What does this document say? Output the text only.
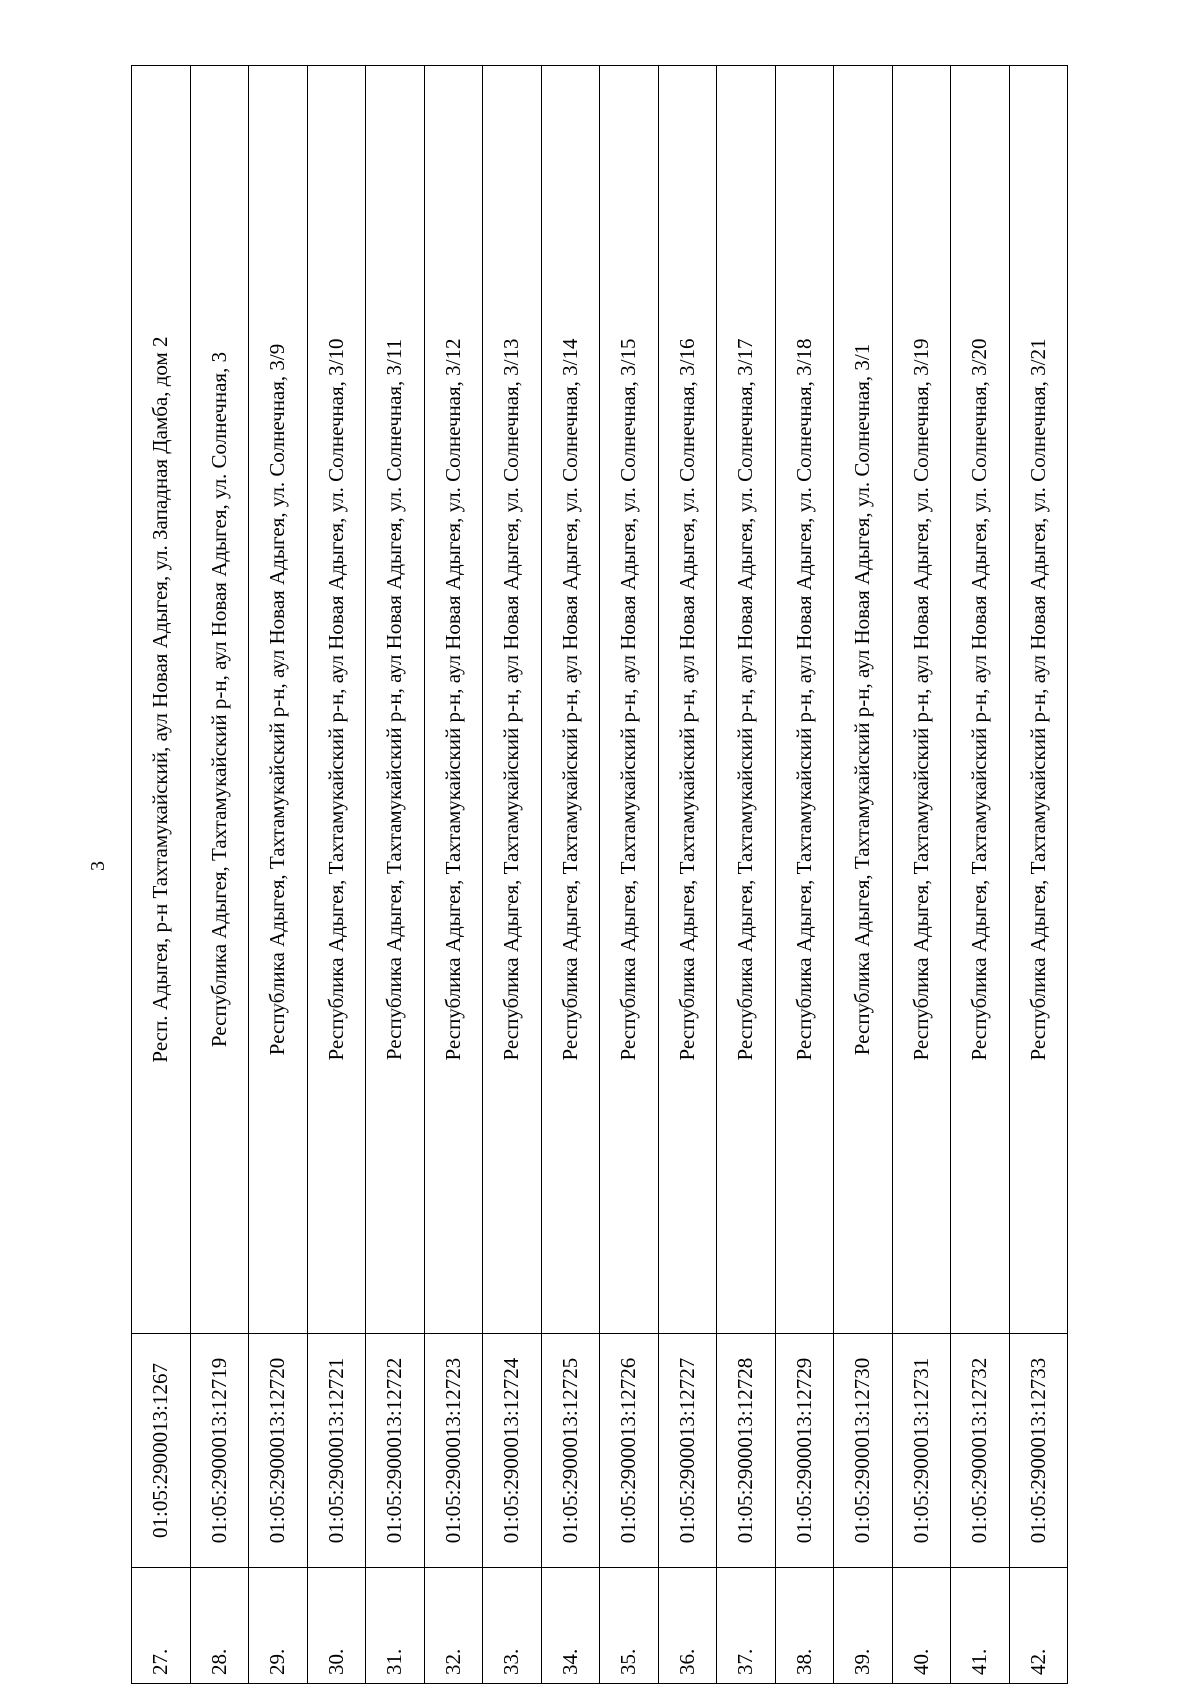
3
27.	01:05:2900013:1267	Респ. Адыгея, р-н Тахтамукайский, аул Новая Адыгея, ул. Западная Дамба, дом 2
28.	01:05:2900013:12719	Республика Адыгея, Тахтамукайский р-н, аул Новая Адыгея, ул. Солнечная, 3
29.	01:05:2900013:12720	Республика Адыгея, Тахтамукайский р-н, аул Новая Адыгея, ул. Солнечная, 3/9
30.	01:05:2900013:12721	Республика Адыгея, Тахтамукайский р-н, аул Новая Адыгея, ул. Солнечная, 3/10
31.	01:05:2900013:12722	Республика Адыгея, Тахтамукайский р-н, аул Новая Адыгея, ул. Солнечная, 3/11
32.	01:05:2900013:12723	Республика Адыгея, Тахтамукайский р-н, аул Новая Адыгея, ул. Солнечная, 3/12
33.	01:05:2900013:12724	Республика Адыгея, Тахтамукайский р-н, аул Новая Адыгея, ул. Солнечная, 3/13
34.	01:05:2900013:12725	Республика Адыгея, Тахтамукайский р-н, аул Новая Адыгея, ул. Солнечная, 3/14
35.	01:05:2900013:12726	Республика Адыгея, Тахтамукайский р-н, аул Новая Адыгея, ул. Солнечная, 3/15
36.	01:05:2900013:12727	Республика Адыгея, Тахтамукайский р-н, аул Новая Адыгея, ул. Солнечная, 3/16
37.	01:05:2900013:12728	Республика Адыгея, Тахтамукайский р-н, аул Новая Адыгея, ул. Солнечная, 3/17
38.	01:05:2900013:12729	Республика Адыгея, Тахтамукайский р-н, аул Новая Адыгея, ул. Солнечная, 3/18
39.	01:05:2900013:12730	Республика Адыгея, Тахтамукайский р-н, аул Новая Адыгея, ул. Солнечная, 3/1
40.	01:05:2900013:12731	Республика Адыгея, Тахтамукайский р-н, аул Новая Адыгея, ул. Солнечная, 3/19
41.	01:05:2900013:12732	Республика Адыгея, Тахтамукайский р-н, аул Новая Адыгея, ул. Солнечная, 3/20
42.	01:05:2900013:12733	Республика Адыгея, Тахтамукайский р-н, аул Новая Адыгея, ул. Солнечная, 3/21
